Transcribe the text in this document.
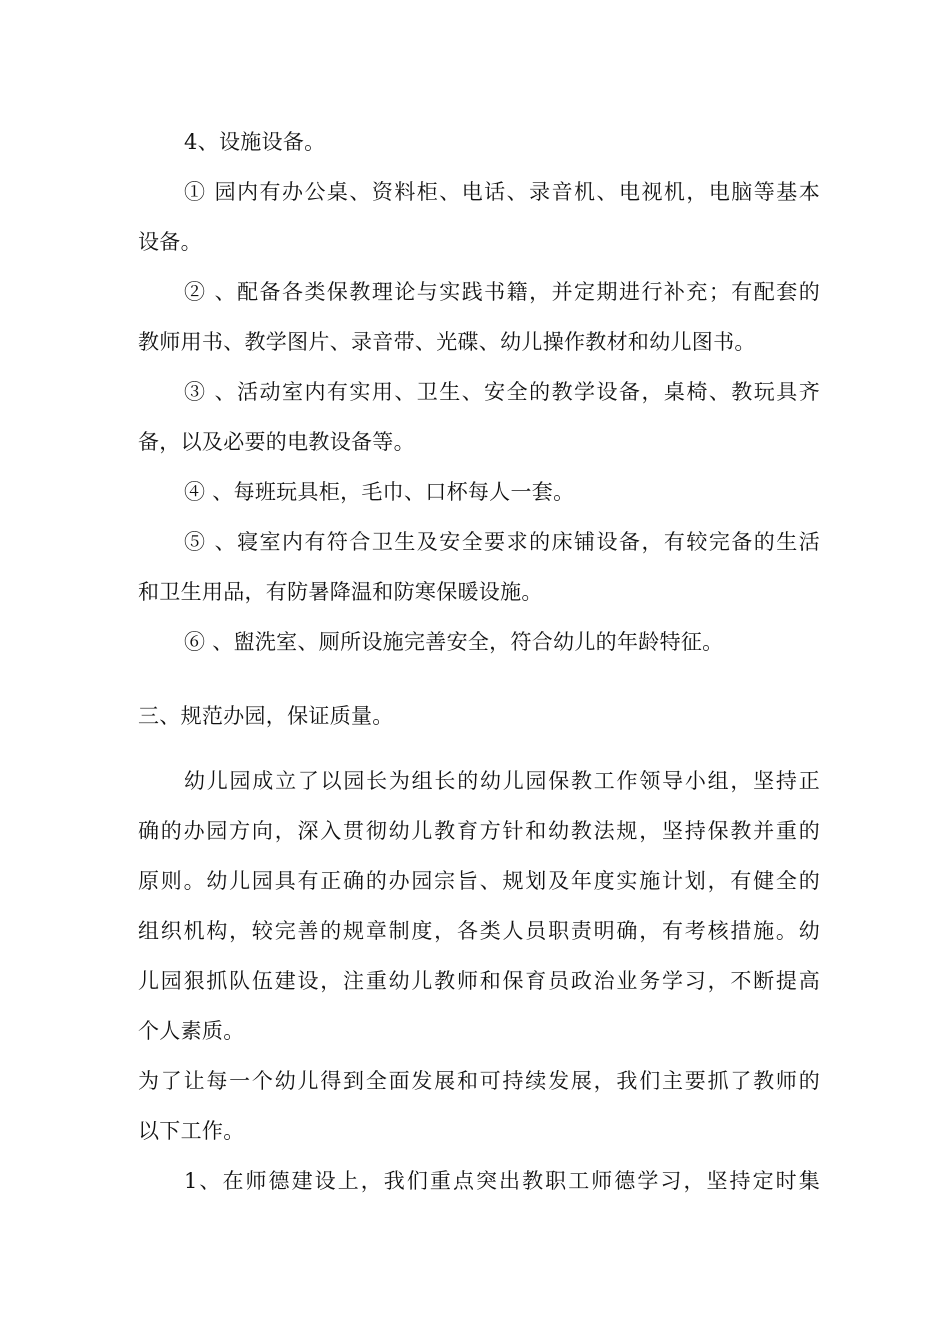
4、设施设备。
① 园内有办公桌、资料柜、电话、录音机、电视机，电脑等基本
设备。
② 、配备各类保教理论与实践书籍，并定期进行补充；有配套的
教师用书、教学图片、录音带、光碟、幼儿操作教材和幼儿图书。
③ 、活动室内有实用、卫生、安全的教学设备，桌椅、教玩具齐
备，以及必要的电教设备等。
④ 、每班玩具柜，毛巾、口杯每人一套。
⑤ 、寝室内有符合卫生及安全要求的床铺设备，有较完备的生活
和卫生用品，有防暑降温和防寒保暖设施。
⑥ 、盥洗室、厕所设施完善安全，符合幼儿的年龄特征。
三、规范办园，保证质量。
幼儿园成立了以园长为组长的幼儿园保教工作领导小组，坚持正
确的办园方向，深入贯彻幼儿教育方针和幼教法规，坚持保教并重的
原则。幼儿园具有正确的办园宗旨、规划及年度实施计划，有健全的
组织机构，较完善的规章制度，各类人员职责明确，有考核措施。幼
儿园狠抓队伍建设，注重幼儿教师和保育员政治业务学习，不断提高
个人素质。
为了让每一个幼儿得到全面发展和可持续发展，我们主要抓了教师的
以下工作。
1、在师德建设上，我们重点突出教职工师德学习，坚持定时集
